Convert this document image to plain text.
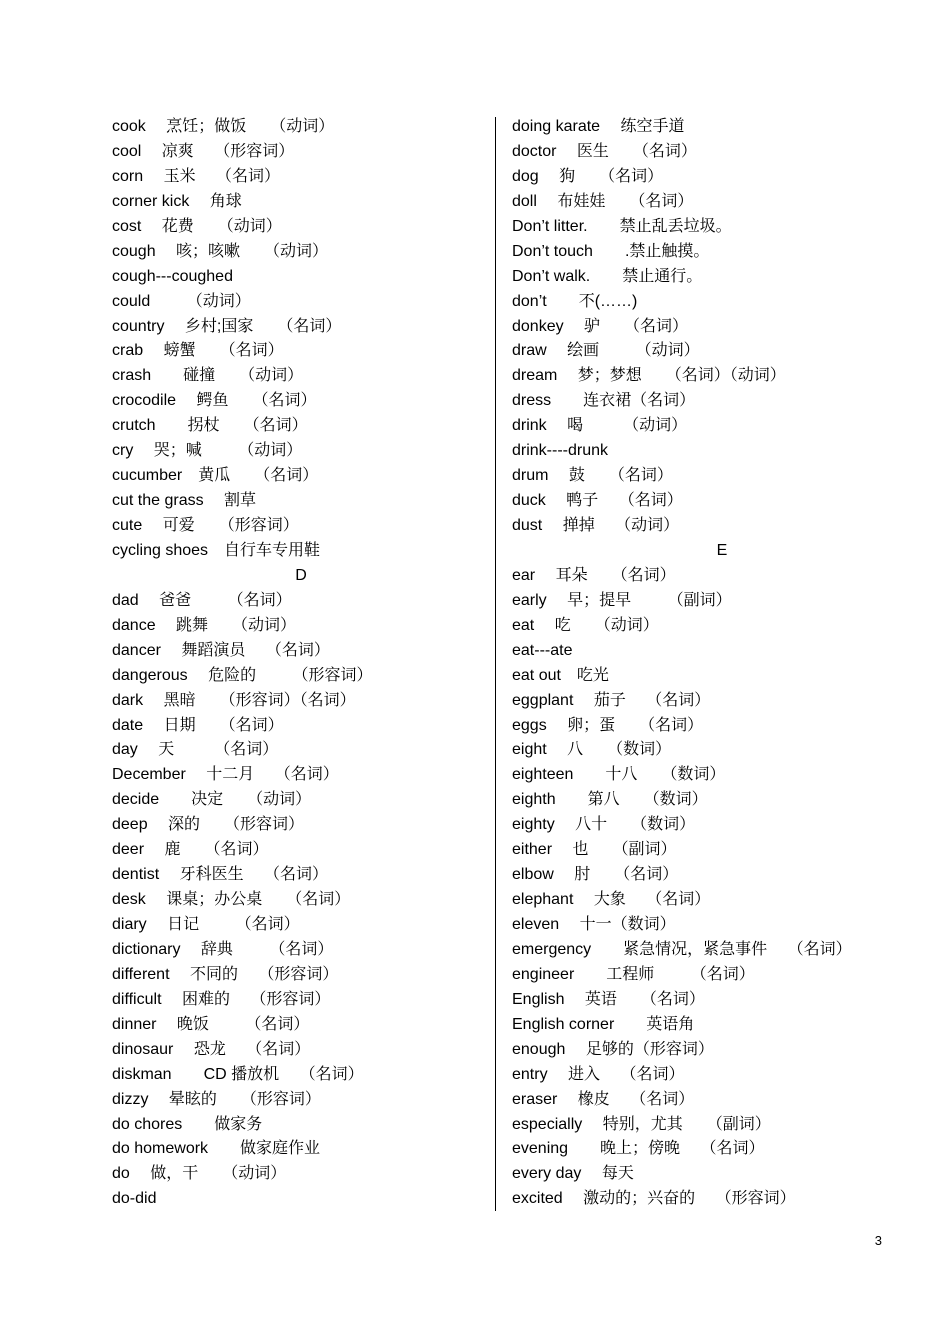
cook　 烹饪；做饭　　（动词）
cool　 凉爽　 （形容词）
corn　 玉米　 （名词）
corner kick　 角球
cost　 花费　　（动词）
cough　 咳；咳嗽　　（动词）
cough---coughed
could　　 （动词）
country　 乡村;国家　　（名词）
crab　 螃蟹　　（名词）
crash　　碰撞　　（动词）
crocodile　 鳄鱼　　（名词）
crutch　　拐杖　　（名词）
cry　 哭；喊　　 （动词）
cucumber　黄瓜　　（名词）
cut the grass　 割草
cute　 可爱　　（形容词）
cycling shoes　自行车专用鞋
D
dad　 爸爸　　 （名词）
dance　 跳舞　　（动词）
dancer　 舞蹈演员　 （名词）
dangerous　 危险的　　 （形容词）
dark　 黑暗　　（形容词）（名词）
date　 日期　　（名词）
day　 天　　　（名词）
December　 十二月　 （名词）
decide　　决定　　（动词）
deep　 深的　　（形容词）
deer　 鹿　　（名词）
dentist　 牙科医生　 （名词）
desk　 课桌；办公桌　　（名词）
diary　 日记　　 （名词）
dictionary　 辞典　　 （名词）
different　 不同的　 （形容词）
difficult　 困难的　 （形容词）
dinner　 晚饭　　 （名词）
dinosaur　 恐龙　 （名词）
diskman　　CD 播放机　 （名词）
dizzy　 晕眩的　　（形容词）
do chores　　做家务
do homework　　做家庭作业
do　 做，干　　（动词）
do-did
doing karate　 练空手道
doctor　 医生　　（名词）
dog　 狗　　（名词）
doll　 布娃娃　　（名词）
Don’t litter.　　禁止乱丢垃圾。
Don’t touch　　.禁止触摸。
Don’t walk.　　禁止通行。
don’t　　不(……)
donkey　 驴　　（名词）
draw　 绘画　　 （动词）
dream　 梦；梦想　　（名词）（动词）
dress　　连衣裙（名词）
drink　 喝　　　（动词）
drink----drunk
drum　 鼓　　（名词）
duck　 鸭子　 （名词）
dust　 掸掉　 （动词）
E
ear　 耳朵　　（名词）
early　 早；提早　　 （副词）
eat　 吃　　（动词）
eat---ate
eat out　吃光
eggplant　 茄子　 （名词）
eggs　 卵；蛋　　（名词）
eight　 八　　（数词）
eighteen　　十八　　（数词）
eighth　　第八　　（数词）
eighty　 八十　　（数词）
either　 也　　（副词）
elbow　 肘　　（名词）
elephant　 大象　 （名词）
eleven　 十一（数词）
emergency　　紧急情况，紧急事件　 （名词）
engineer　　工程师　　 （名词）
English　 英语　　（名词）
English corner　　英语角
enough　 足够的（形容词）
entry　 进入　 （名词）
eraser　 橡皮　 （名词）
especially　 特别，尤其　　（副词）
evening　　晚上；傍晚　 （名词）
every day　 每天
excited　 激动的；兴奋的　 （形容词）
3
